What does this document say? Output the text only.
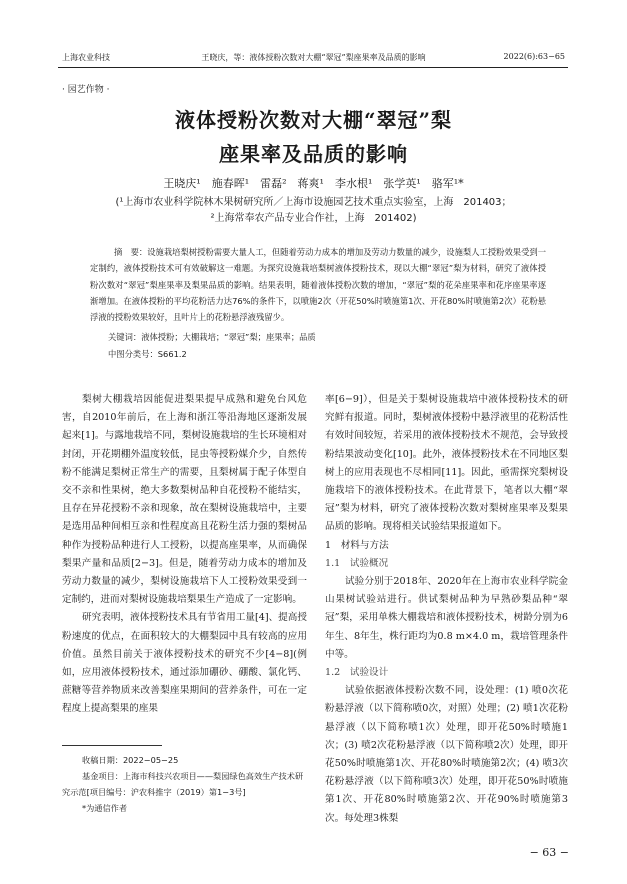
上海农业科技	王晓庆，等：液体授粉次数对大棚“翠冠”梨座果率及品质的影响	2022(6):63−65
· 园艺作物 ·
液体授粉次数对大棚“翠冠”梨
座果率及品质的影响
王晓庆¹　施春晖¹　雷磊²　蒋爽¹　李水根¹　张学英¹　骆军¹*
(¹上海市农业科学院林木果树研究所／上海市设施园艺技术重点实验室，上海　201403；
²上海常奉农产品专业合作社，上海　201402)
摘　要：设施栽培梨树授粉需要大量人工，但随着劳动力成本的增加及劳动力数量的减少，设施梨人工授粉效果受到一定制约，液体授粉技术可有效破解这一难题。为探究设施栽培梨树液体授粉技术，现以大棚“翠冠”梨为材料，研究了液体授粉次数对“翠冠”梨座果率及梨果品质的影响。结果表明，随着液体授粉次数的增加，“翠冠”梨的花朵座果率和花序座果率逐渐增加。在液体授粉的平均花粉活力达76%的条件下，以喷施2次（开花50%时喷施第1次、开花80%时喷施第2次）花粉悬浮液的授粉效果较好，且叶片上的花粉悬浮液残留少。
关键词：液体授粉；大棚栽培；“翠冠”梨；座果率；品质
中图分类号：S661.2

梨树大棚栽培因能促进梨果提早成熟和避免台风危害，自2010年前后，在上海和浙江等沿海地区逐渐发展起来[1]。与露地栽培不同，梨树设施栽培的生长环境相对封闭，开花期棚外温度较低，昆虫等授粉媒介少，自然传粉不能满足梨树正常生产的需要，且梨树属于配子体型自交不亲和性果树，绝大多数梨树品种自花授粉不能结实，且存在异花授粉不亲和现象，故在梨树设施栽培中，主要是选用品种间相互亲和性程度高且花粉生活力强的梨树品种作为授粉品种进行人工授粉，以提高座果率，从而确保梨果产量和品质[2−3]。但是，随着劳动力成本的增加及劳动力数量的减少，梨树设施栽培下人工授粉效果受到一定制约，进而对梨树设施栽培梨果生产造成了一定影响。

研究表明，液体授粉技术具有节省用工量[4]、提高授粉速度的优点，在面积较大的大棚梨园中具有较高的应用价值。虽然目前关于液体授粉技术的研究不少[4−8](例如，应用液体授粉技术，通过添加硼砂、硼酸、氯化钙、蔗糖等营养物质来改善梨座果期间的营养条件，可在一定程度上提高梨果的座果

率[6−9]），但是关于梨树设施栽培中液体授粉技术的研究鲜有报道。同时，梨树液体授粉中悬浮液里的花粉活性有效时间较短，若采用的液体授粉技术不规范，会导致授粉结果波动变化[10]。此外，液体授粉技术在不同地区梨树上的应用表现也不尽相同[11]。因此，亟需探究梨树设施栽培下的液体授粉技术。在此背景下，笔者以大棚“翠冠”梨为材料，研究了液体授粉次数对梨树座果率及梨果品质的影响。现将相关试验结果报道如下。

1　材料与方法

1.1　试验概况

试验分别于2018年、2020年在上海市农业科学院金山果树试验站进行。供试梨树品种为早熟砂梨品种“翠冠”梨，采用单株大棚栽培和液体授粉技术，树龄分别为6年生、8年生，株行距均为0.8 m×4.0 m，栽培管理条件中等。

1.2　试验设计

试验依据液体授粉次数不同，设处理：(1) 喷0次花粉悬浮液（以下简称喷0次，对照）处理；(2) 喷1次花粉悬浮液（以下简称喷1次）处理，即开花50%时喷施1次；(3) 喷2次花粉悬浮液（以下简称喷2次）处理，即开花50%时喷施第1次、开花80%时喷施第2次；(4) 喷3次花粉悬浮液（以下简称喷3次）处理，即开花50%时喷施第1次、开花80%时喷施第2次、开花90%时喷施第3次。每处理3株梨

收稿日期：2022−05−25
基金项目：上海市科技兴农项目——梨园绿色高效生产技术研究示范[项目编号：沪农科推字（2019）第1−3号]
*为通信作者
− 63 −
